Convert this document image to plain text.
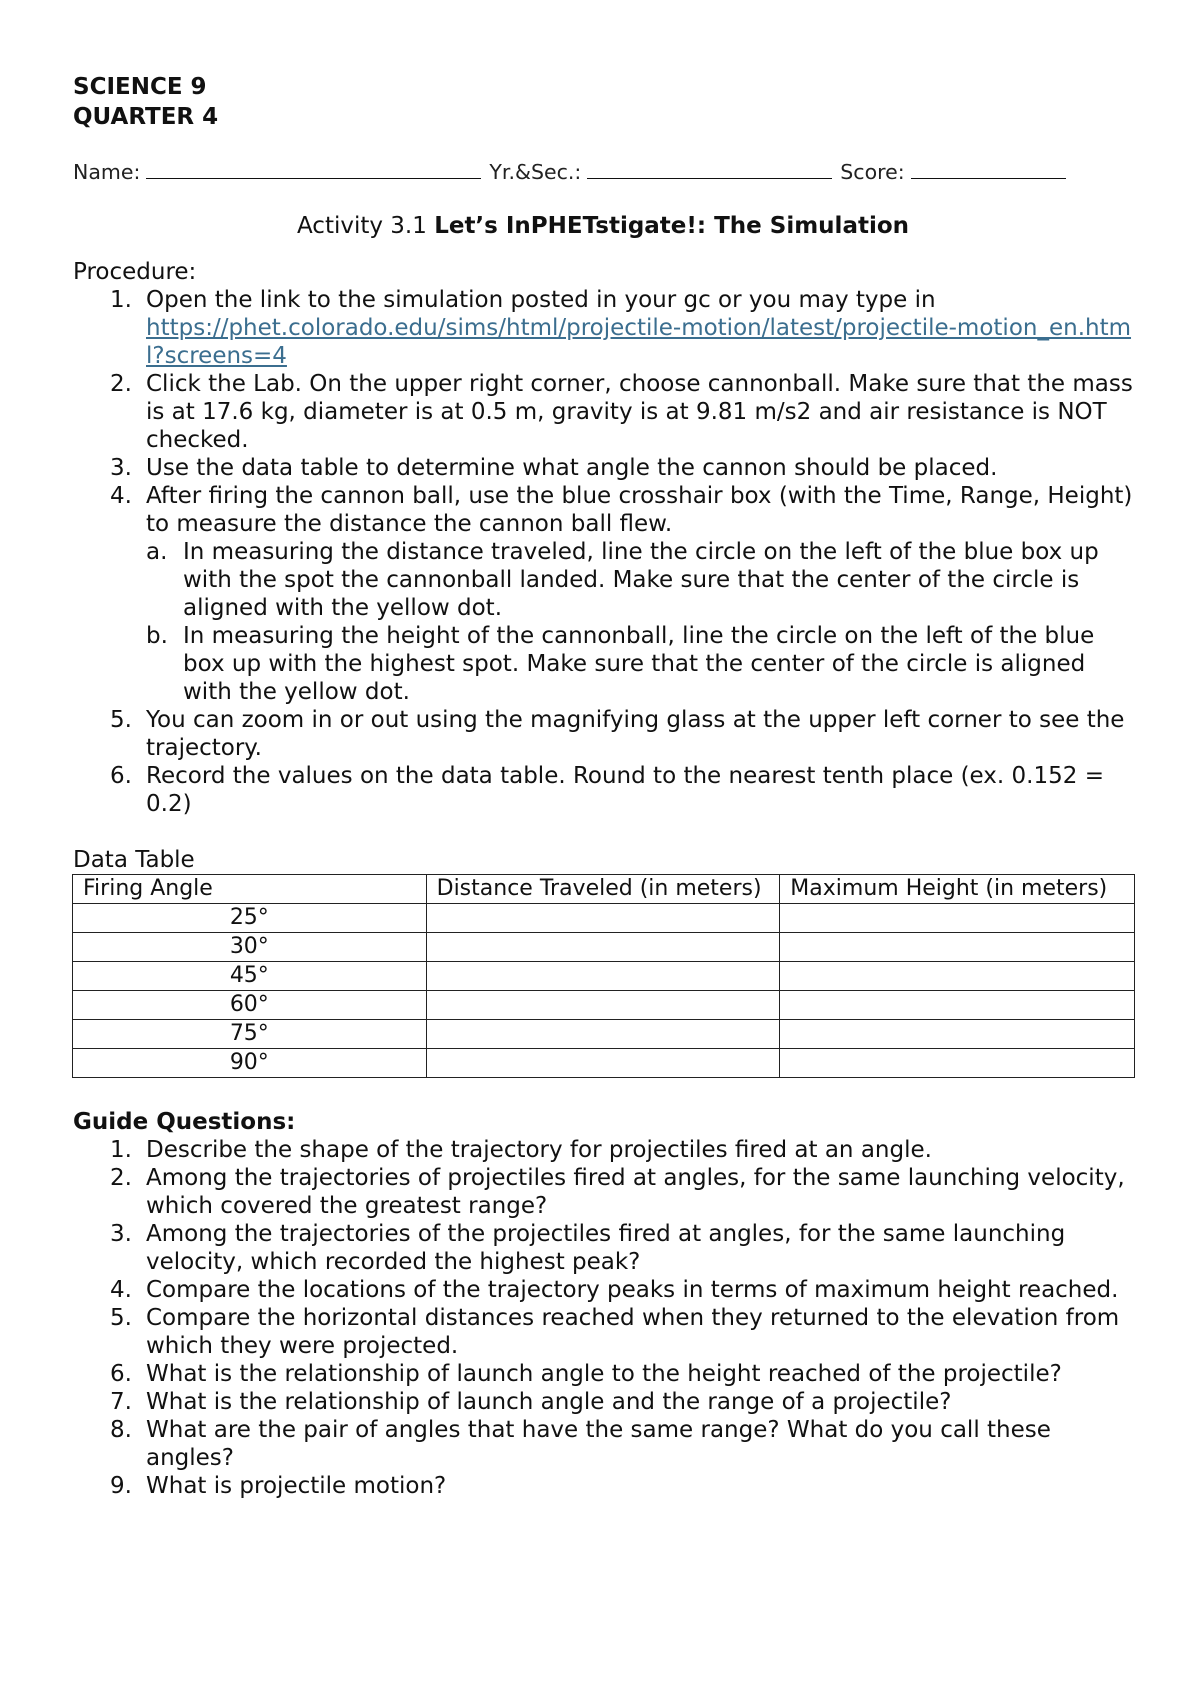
SCIENCE 9
QUARTER 4
Name:	Yr.&Sec.:	Score:
Activity 3.1 Let’s InPHETstigate!: The Simulation
Procedure:
1. Open the link to the simulation posted in your gc or you may type in
https://phet.colorado.edu/sims/html/projectile-motion/latest/projectile-motion_en.html?screens=4
2. Click the Lab. On the upper right corner, choose cannonball. Make sure that the mass is at 17.6 kg, diameter is at 0.5 m, gravity is at 9.81 m/s2 and air resistance is NOT checked.
3. Use the data table to determine what angle the cannon should be placed.
4. After firing the cannon ball, use the blue crosshair box (with the Time, Range, Height) to measure the distance the cannon ball flew.
a. In measuring the distance traveled, line the circle on the left of the blue box up with the spot the cannonball landed. Make sure that the center of the circle is aligned with the yellow dot.
b. In measuring the height of the cannonball, line the circle on the left of the blue box up with the highest spot. Make sure that the center of the circle is aligned with the yellow dot.
5. You can zoom in or out using the magnifying glass at the upper left corner to see the trajectory.
6. Record the values on the data table. Round to the nearest tenth place (ex. 0.152 = 0.2)
Data Table
Firing Angle	Distance Traveled (in meters)	Maximum Height (in meters)
25°		
30°		
45°		
60°		
75°		
90°		
Guide Questions:
1. Describe the shape of the trajectory for projectiles fired at an angle.
2. Among the trajectories of projectiles fired at angles, for the same launching velocity, which covered the greatest range?
3. Among the trajectories of the projectiles fired at angles, for the same launching velocity, which recorded the highest peak?
4. Compare the locations of the trajectory peaks in terms of maximum height reached.
5. Compare the horizontal distances reached when they returned to the elevation from which they were projected.
6. What is the relationship of launch angle to the height reached of the projectile?
7. What is the relationship of launch angle and the range of a projectile?
8. What are the pair of angles that have the same range? What do you call these angles?
9. What is projectile motion?
